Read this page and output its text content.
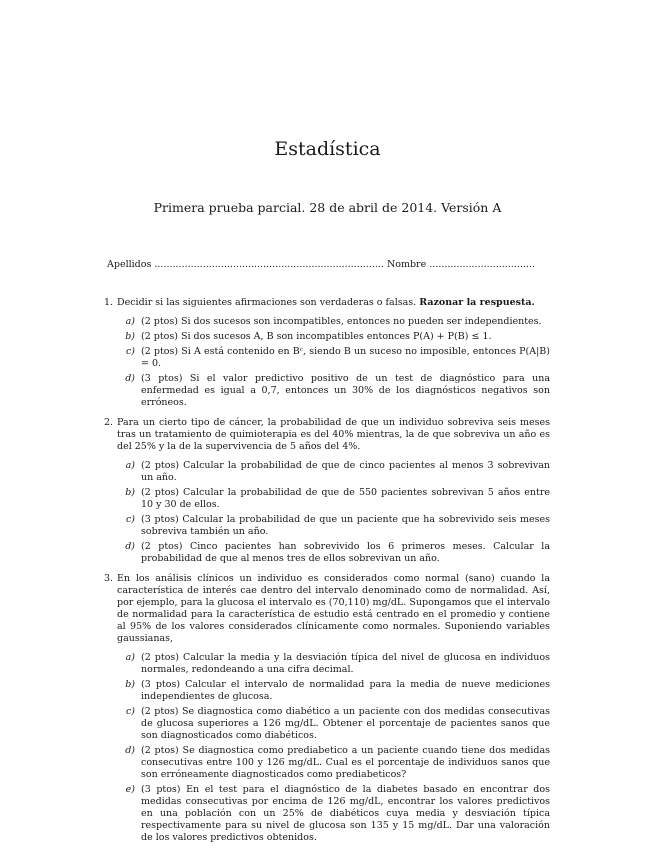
Estadística
Primera prueba parcial. 28 de abril de 2014. Versión A
Apellidos ............................................................................ Nombre ...................................
1. Decidir si las siguientes afirmaciones son verdaderas o falsas. Razonar la respuesta.

a) (2 ptos) Si dos sucesos son incompatibles, entonces no pueden ser independientes.
b) (2 ptos) Si dos sucesos A, B son incompatibles entonces P(A) + P(B) ≤ 1.
c) (2 ptos) Si A está contenido en Bᶜ, siendo B un suceso no imposible, entonces P(A|B) = 0.
d) (3 ptos) Si el valor predictivo positivo de un test de diagnóstico para una enfermedad es igual a 0,7, entonces un 30% de los diagnósticos negativos son erróneos.
2. Para un cierto tipo de cáncer, la probabilidad de que un individuo sobreviva seis meses tras un tratamiento de quimioterapia es del 40% mientras, la de que sobreviva un año es del 25% y la de la supervivencia de 5 años del 4%.

a) (2 ptos) Calcular la probabilidad de que de cinco pacientes al menos 3 sobrevivan un año.
b) (2 ptos) Calcular la probabilidad de que de 550 pacientes sobrevivan 5 años entre 10 y 30 de ellos.
c) (3 ptos) Calcular la probabilidad de que un paciente que ha sobrevivido seis meses sobreviva también un año.
d) (2 ptos) Cinco pacientes han sobrevivido los 6 primeros meses. Calcular la probabilidad de que al menos tres de ellos sobrevivan un año.
3. En los análisis clínicos un individuo es considerados como normal (sano) cuando la característica de interés cae dentro del intervalo denominado como de normalidad. Así, por ejemplo, para la glucosa el intervalo es (70,110) mg/dL. Supongamos que el intervalo de normalidad para la característica de estudio está centrado en el promedio y contiene al 95% de los valores considerados clínicamente como normales. Suponiendo variables gaussianas,

a) (2 ptos) Calcular la media y la desviación típica del nivel de glucosa en individuos normales, redondeando a una cifra decimal.
b) (3 ptos) Calcular el intervalo de normalidad para la media de nueve mediciones independientes de glucosa.
c) (2 ptos) Se diagnostica como diabético a un paciente con dos medidas consecutivas de glucosa superiores a 126 mg/dL. Obtener el porcentaje de pacientes sanos que son diagnosticados como diabéticos.
d) (2 ptos) Se diagnostica como prediabetico a un paciente cuando tiene dos medidas consecutivas entre 100 y 126 mg/dL. Cual es el porcentaje de individuos sanos que son erróneamente diagnosticados como prediabeticos?
e) (3 ptos) En el test para el diagnóstico de la diabetes basado en encontrar dos medidas consecutivas por encima de 126 mg/dL, encontrar los valores predictivos en una población con un 25% de diabéticos cuya media y desviación típica respectivamente para su nivel de glucosa son 135 y 15 mg/dL. Dar una valoración de los valores predictivos obtenidos.
